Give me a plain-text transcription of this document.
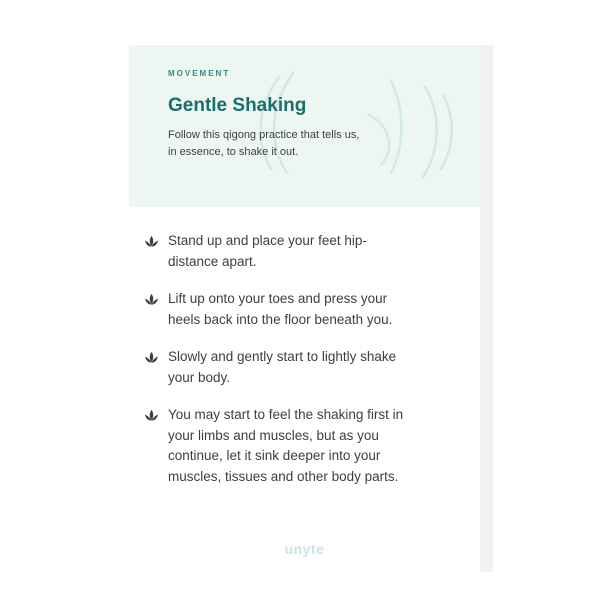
MOVEMENT
Gentle Shaking

Follow this qigong practice that tells us,
in essence, to shake it out.

Stand up and place your feet hip-
distance apart.
Lift up onto your toes and press your
heels back into the floor beneath you.
Slowly and gently start to lightly shake
your body.
You may start to feel the shaking first in
your limbs and muscles, but as you
continue, let it sink deeper into your
muscles, tissues and other body parts.
unyte
